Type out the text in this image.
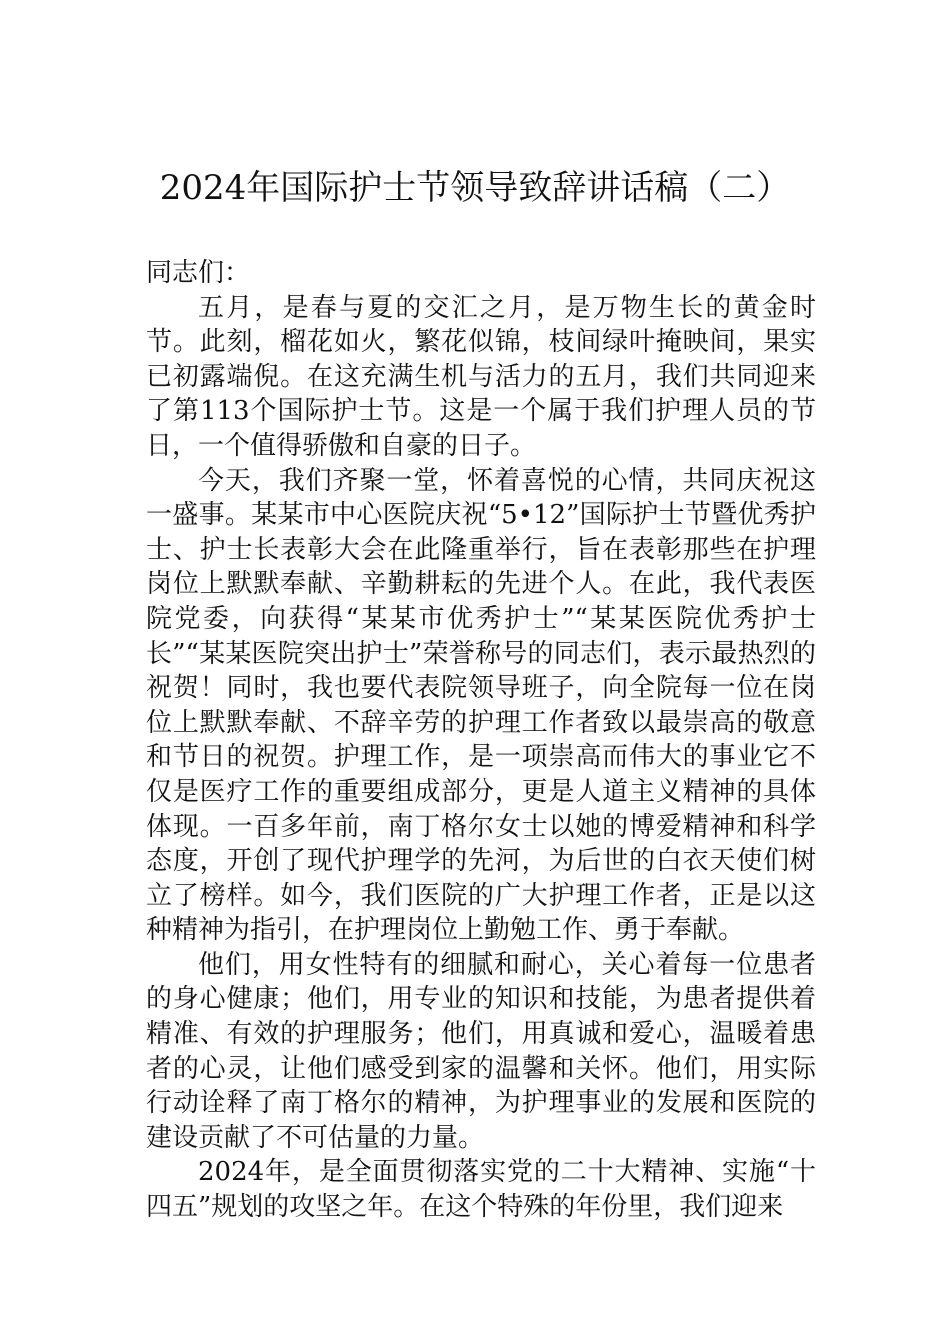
2024年国际护士节领导致辞讲话稿（二）

同志们：

五月，是春与夏的交汇之月，是万物生长的黄金时节。此刻，榴花如火，繁花似锦，枝间绿叶掩映间，果实已初露端倪。在这充满生机与活力的五月，我们共同迎来了第113个国际护士节。这是一个属于我们护理人员的节日，一个值得骄傲和自豪的日子。

今天，我们齐聚一堂，怀着喜悦的心情，共同庆祝这一盛事。某某市中心医院庆祝“5•12”国际护士节暨优秀护士、护士长表彰大会在此隆重举行，旨在表彰那些在护理岗位上默默奉献、辛勤耕耘的先进个人。在此，我代表医院党委，向获得“某某市优秀护士”“某某医院优秀护士长”“某某医院突出护士”荣誉称号的同志们，表示最热烈的祝贺！同时，我也要代表院领导班子，向全院每一位在岗位上默默奉献、不辞辛劳的护理工作者致以最崇高的敬意和节日的祝贺。护理工作，是一项崇高而伟大的事业它不仅是医疗工作的重要组成部分，更是人道主义精神的具体体现。一百多年前，南丁格尔女士以她的博爱精神和科学态度，开创了现代护理学的先河，为后世的白衣天使们树立了榜样。如今，我们医院的广大护理工作者，正是以这种精神为指引，在护理岗位上勤勉工作、勇于奉献。

他们，用女性特有的细腻和耐心，关心着每一位患者的身心健康；他们，用专业的知识和技能，为患者提供着精准、有效的护理服务；他们，用真诚和爱心，温暖着患者的心灵，让他们感受到家的温馨和关怀。他们，用实际行动诠释了南丁格尔的精神，为护理事业的发展和医院的建设贡献了不可估量的力量。

2024年，是全面贯彻落实党的二十大精神、实施“十四五”规划的攻坚之年。在这个特殊的年份里，我们迎来
